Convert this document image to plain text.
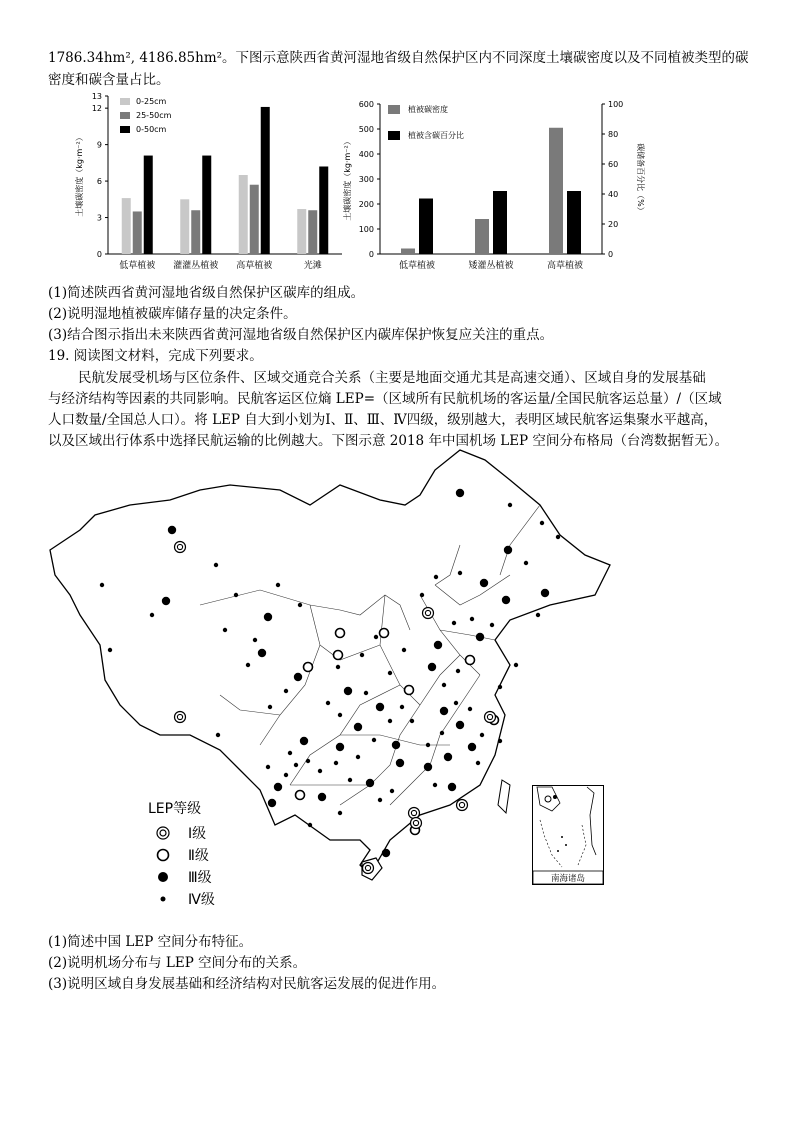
1786.34hm², 4186.85hm²。下图示意陕西省黄河湿地省级自然保护区内不同深度土壤碳密度以及不同植被类型的碳
密度和碳含量占比。
0
3
6
9
12
13
土壤碳密度（kg·m⁻²）
低草植被 灌灌丛植被 高草植被	光滩
0-25cm
25-50cm
0-50cm
0
100
200
300
400
500
600
0
20
40
60
80
100
土壤碳密度（kg·m⁻²）	碳储备百分比（%）
低草植被	矮灌丛植被	高草植被
植被碳密度
植被含碳百分比
(1)简述陕西省黄河湿地省级自然保护区碳库的组成。
(2)说明湿地植被碳库储存量的决定条件。
(3)结合图示指出未来陕西省黄河湿地省级自然保护区内碳库保护恢复应关注的重点。
19. 阅读图文材料，完成下列要求。
民航发展受机场与区位条件、区域交通竞合关系（主要是地面交通尤其是高速交通）、区域自身的发展基础
与经济结构等因素的共同影响。民航客运区位熵 LEP=（区域所有民航机场的客运量/全国民航客运总量）/（区域
人口数量/全国总人口）。将 LEP 自大到小划为Ⅰ、Ⅱ、Ⅲ、Ⅳ四级，级别越大，表明区域民航客运集聚水平越高，
以及区域出行体系中选择民航运输的比例越大。下图示意 2018 年中国机场 LEP 空间分布格局（台湾数据暂无）。
LEP等级
Ⅰ级
Ⅱ级
Ⅲ级
Ⅳ级
南海诸岛
(1)简述中国 LEP 空间分布特征。
(2)说明机场分布与 LEP 空间分布的关系。
(3)说明区域自身发展基础和经济结构对民航客运发展的促进作用。
